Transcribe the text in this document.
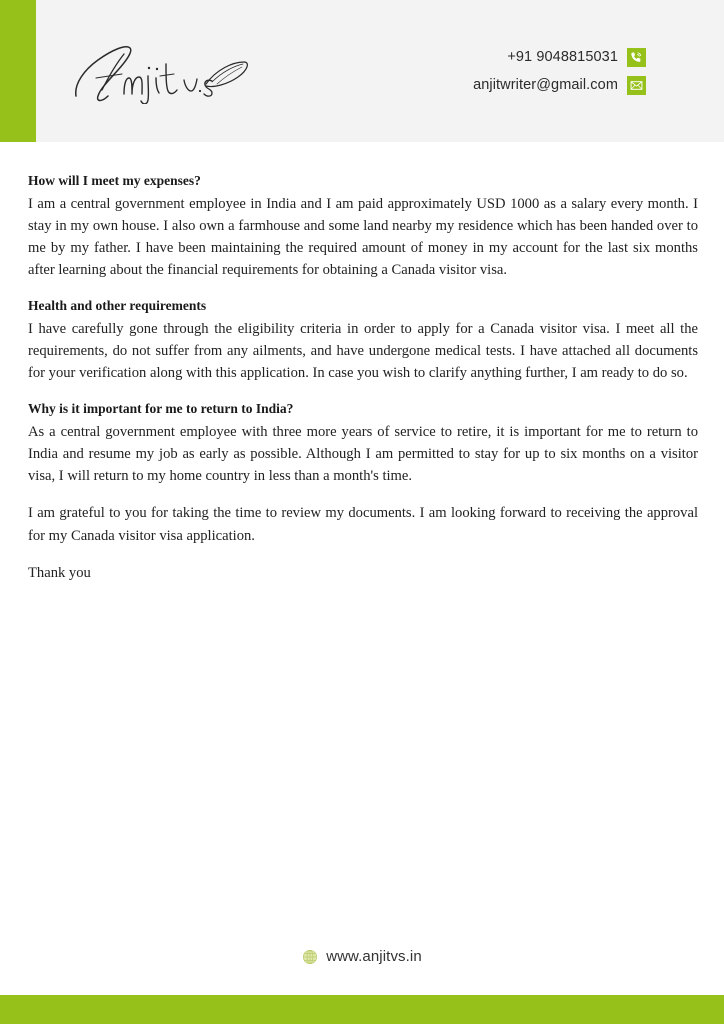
+91 9048815031
anjitwriter@gmail.com

How will I meet my expenses?

I am a central government employee in India and I am paid approximately USD 1000 as a salary every month. I stay in my own house. I also own a farmhouse and some land nearby my residence which has been handed over to me by my father. I have been maintaining the required amount of money in my account for the last six months after learning about the financial requirements for obtaining a Canada visitor visa.

Health and other requirements

I have carefully gone through the eligibility criteria in order to apply for a Canada visitor visa. I meet all the requirements, do not suffer from any ailments, and have undergone medical tests. I have attached all documents for your verification along with this application. In case you wish to clarify anything further, I am ready to do so.

Why is it important for me to return to India?

As a central government employee with three more years of service to retire, it is important for me to return to India and resume my job as early as possible. Although I am permitted to stay for up to six months on a visitor visa, I will return to my home country in less than a month's time.

I am grateful to you for taking the time to review my documents. I am looking forward to receiving the approval for my Canada visitor visa application.

Thank you

www.anjitvs.in
